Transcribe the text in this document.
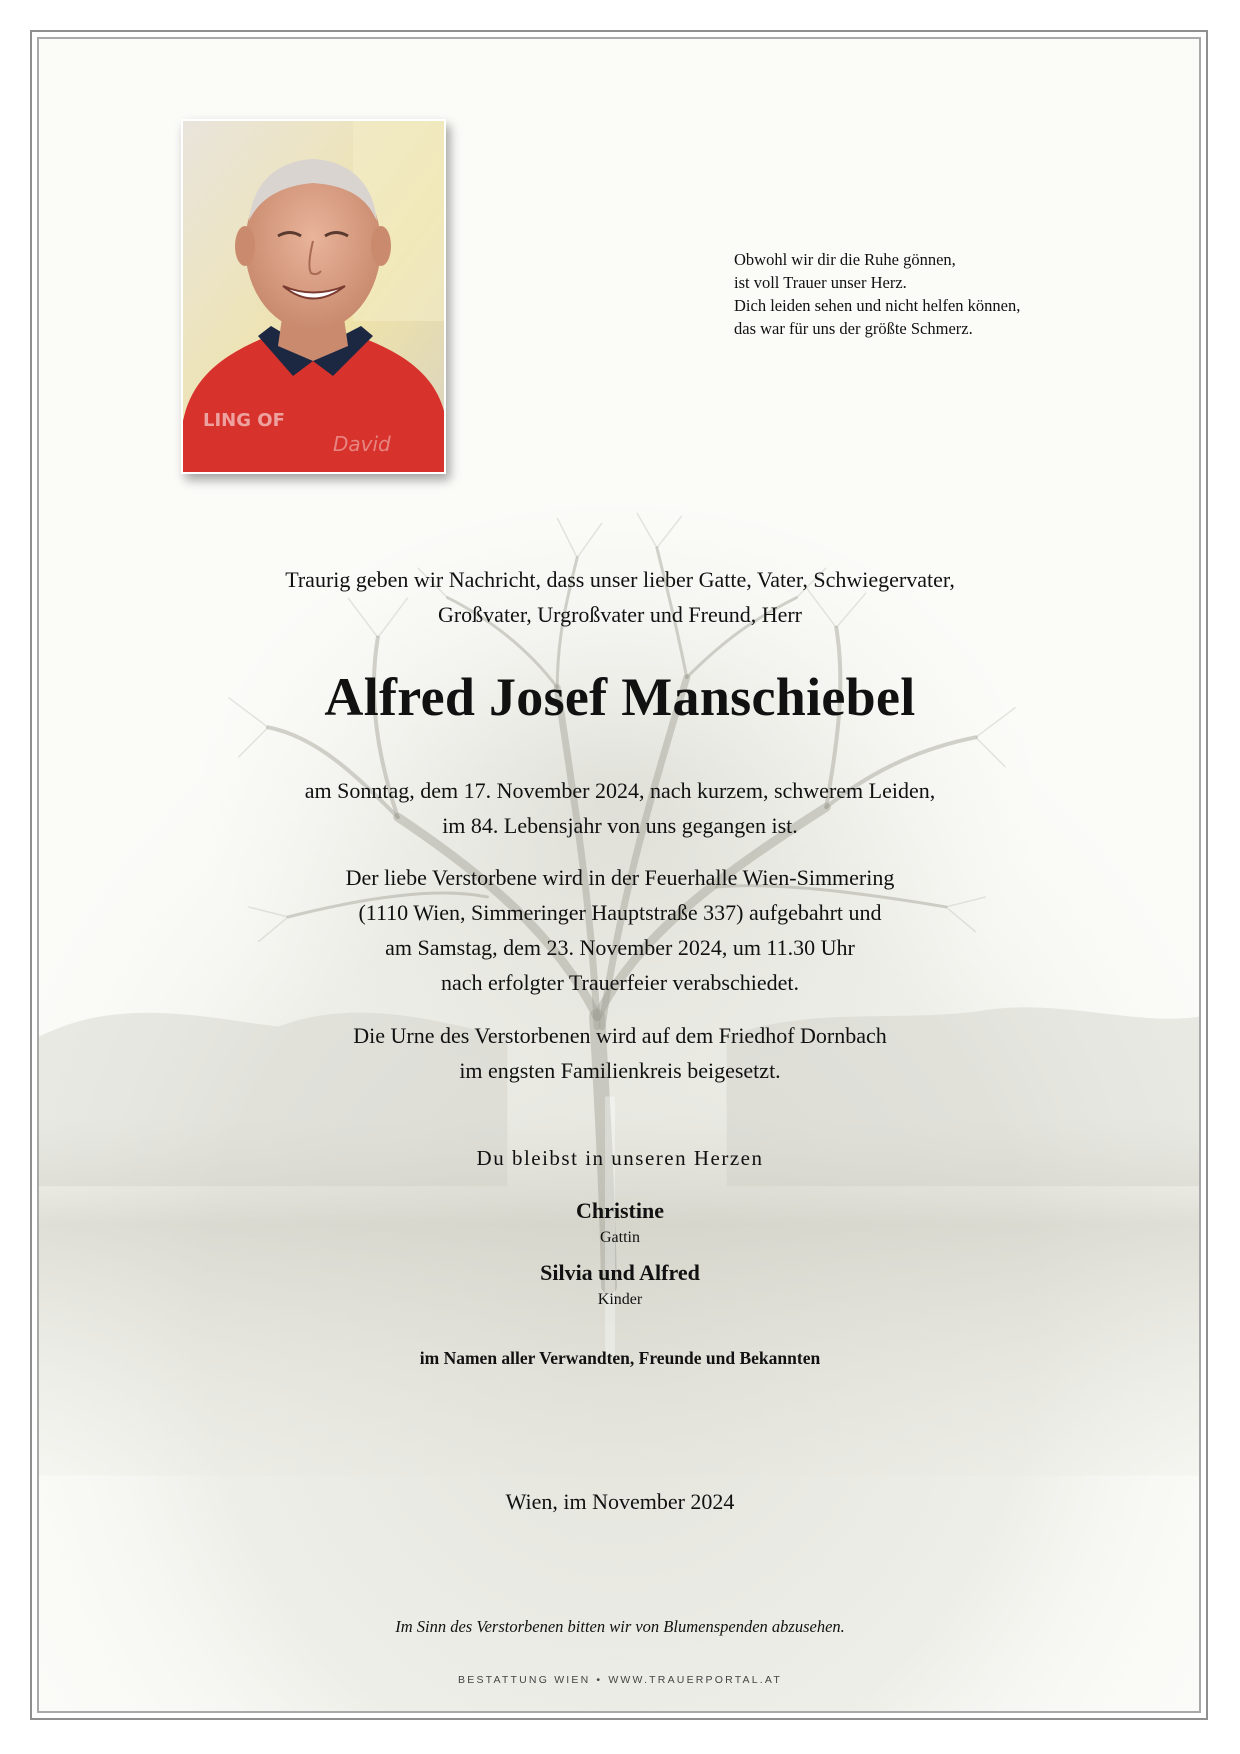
LING OF
David
Obwohl wir dir die Ruhe gönnen,
ist voll Trauer unser Herz.
Dich leiden sehen und nicht helfen können,
das war für uns der größte Schmerz.
Traurig geben wir Nachricht, dass unser lieber Gatte, Vater, Schwiegervater,
Großvater, Urgroßvater und Freund, Herr
Alfred Josef Manschiebel
am Sonntag, dem 17. November 2024, nach kurzem, schwerem Leiden,
im 84. Lebensjahr von uns gegangen ist.
Der liebe Verstorbene wird in der Feuerhalle Wien-Simmering
(1110 Wien, Simmeringer Hauptstraße 337) aufgebahrt und
am Samstag, dem 23. November 2024, um 11.30 Uhr
nach erfolgter Trauerfeier verabschiedet.
Die Urne des Verstorbenen wird auf dem Friedhof Dornbach
im engsten Familienkreis beigesetzt.
Du bleibst in unseren Herzen
Christine
Gattin
Silvia und Alfred
Kinder
im Namen aller Verwandten, Freunde und Bekannten
Wien, im November 2024
Im Sinn des Verstorbenen bitten wir von Blumenspenden abzusehen.
BESTATTUNG WIEN • WWW.TRAUERPORTAL.AT
